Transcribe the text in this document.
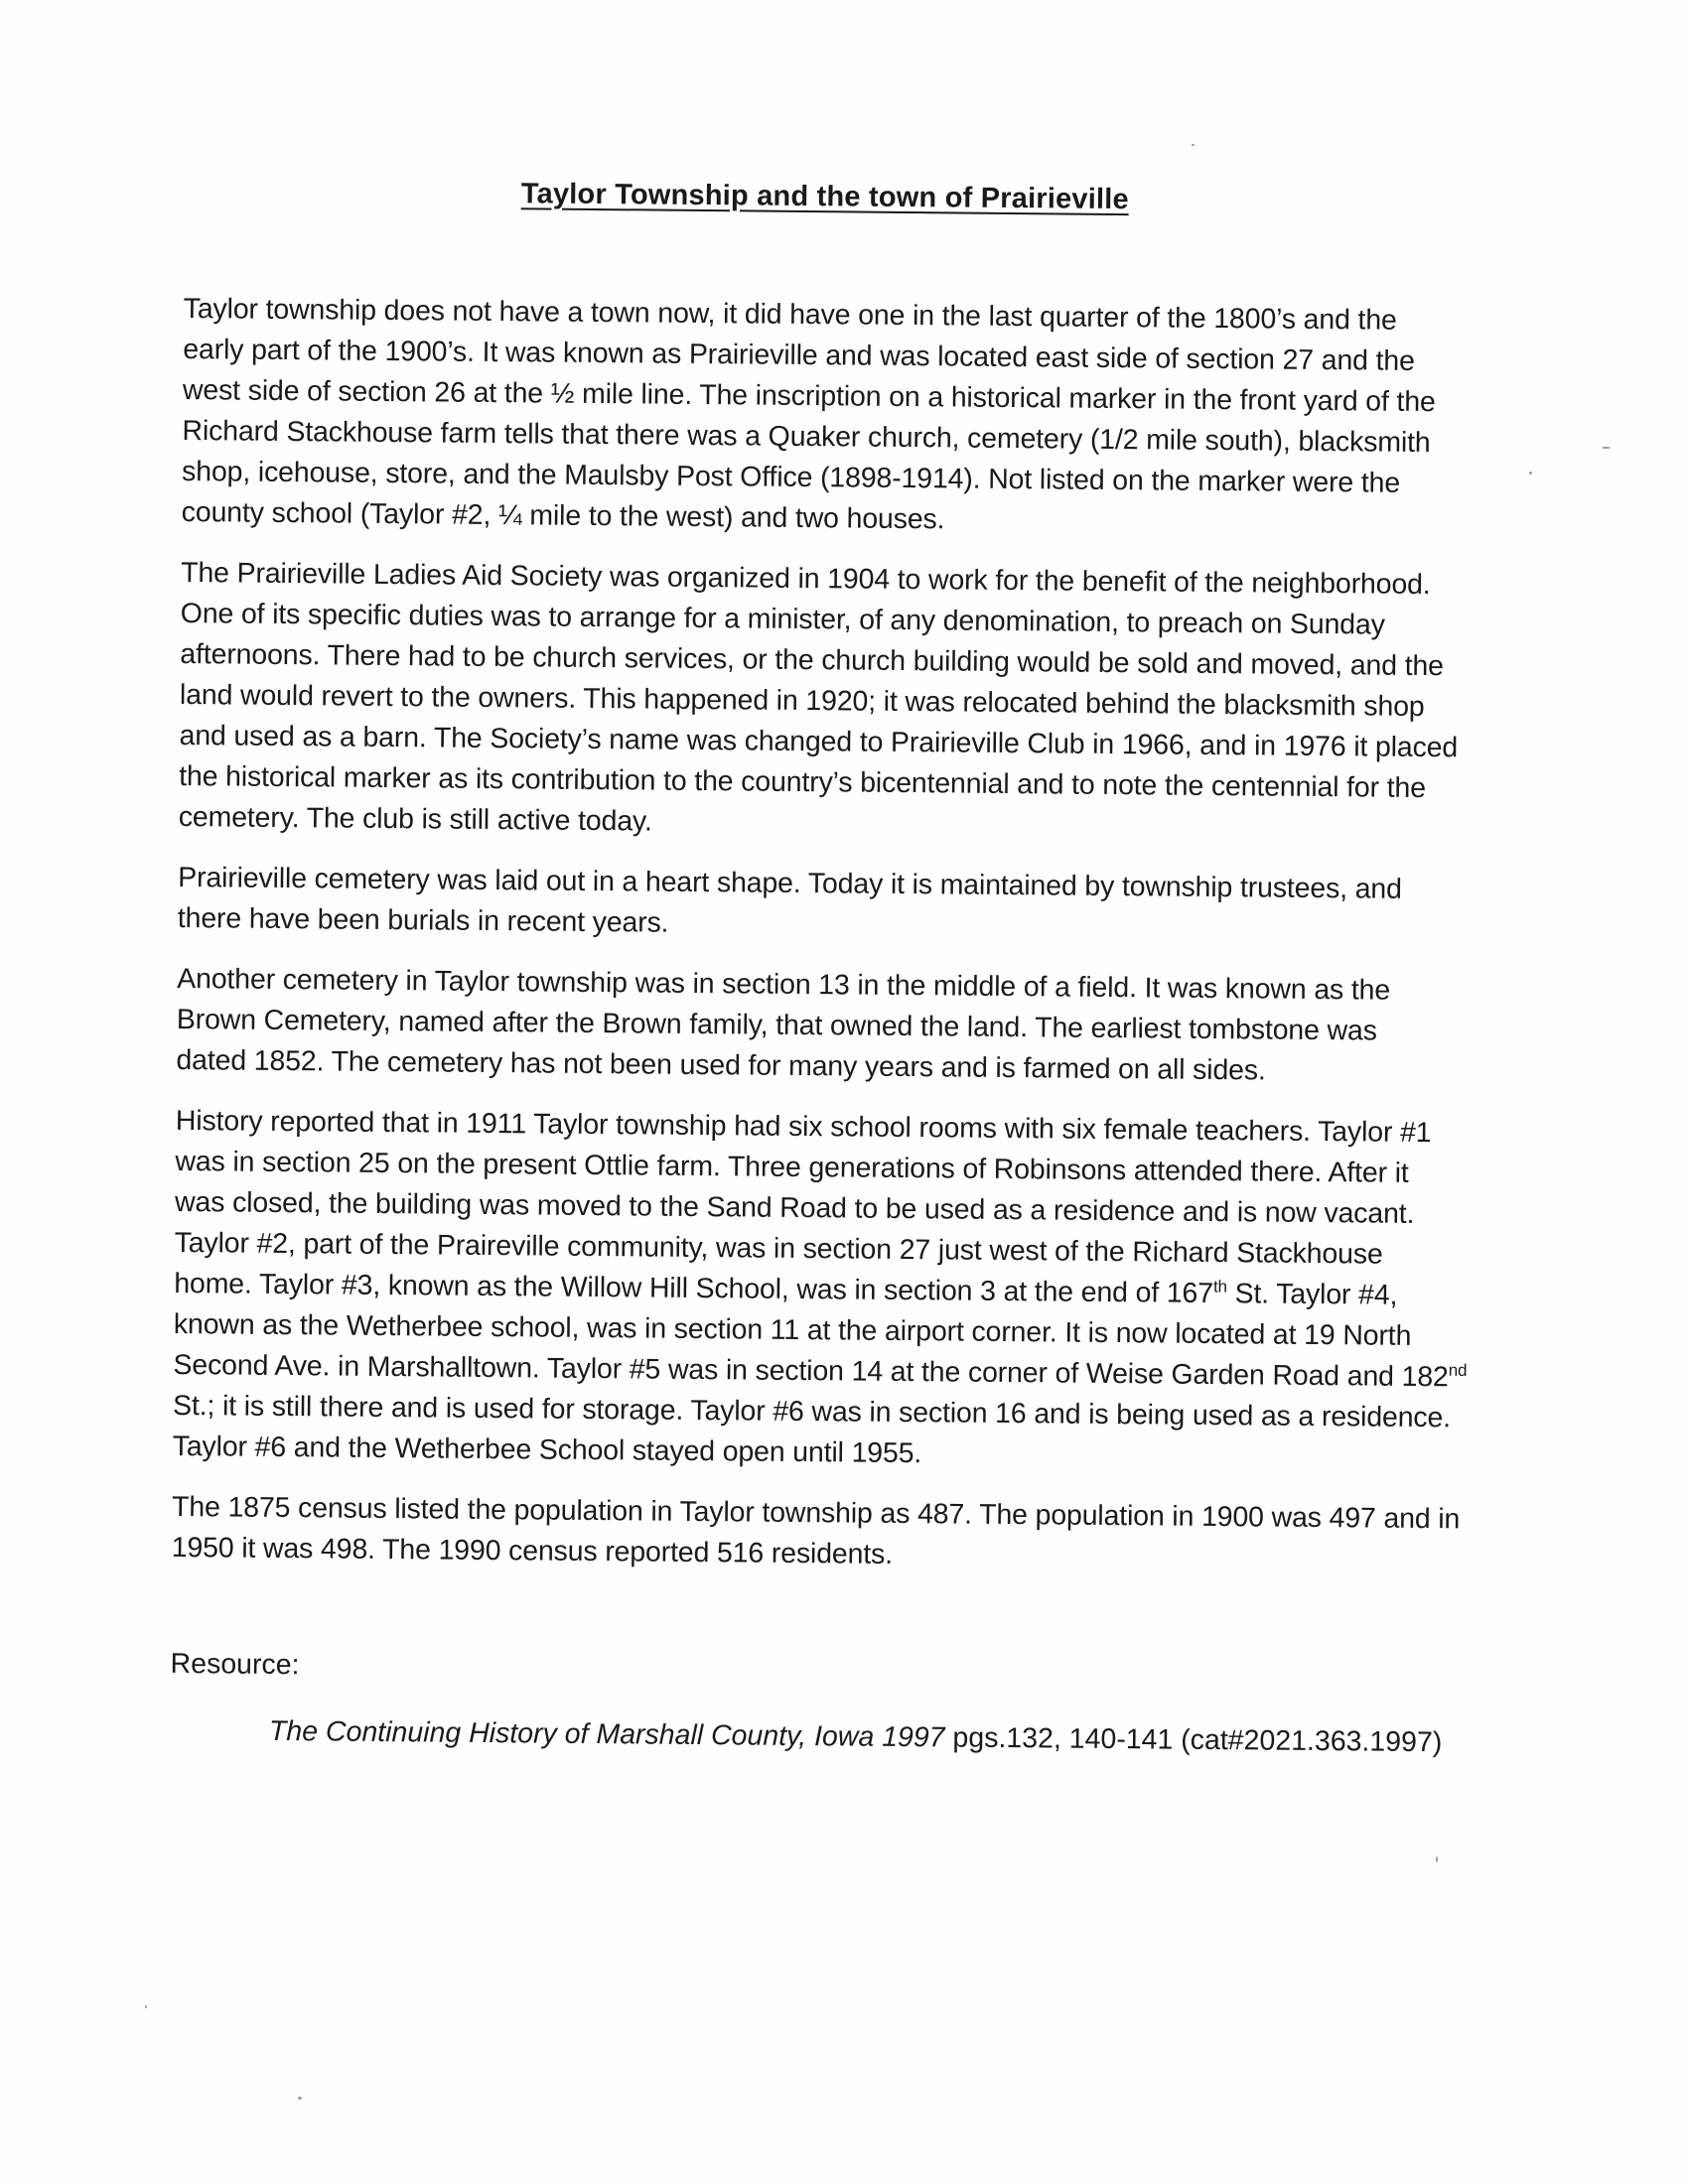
Taylor Township and the town of Prairieville
Taylor township does not have a town now, it did have one in the last quarter of the 1800’s and the
early part of the 1900’s. It was known as Prairieville and was located east side of section 27 and the
west side of section 26 at the ½ mile line. The inscription on a historical marker in the front yard of the
Richard Stackhouse farm tells that there was a Quaker church, cemetery (1/2 mile south), blacksmith
shop, icehouse, store, and the Maulsby Post Office (1898-1914). Not listed on the marker were the
county school (Taylor #2, ¼ mile to the west) and two houses.
The Prairieville Ladies Aid Society was organized in 1904 to work for the benefit of the neighborhood.
One of its specific duties was to arrange for a minister, of any denomination, to preach on Sunday
afternoons. There had to be church services, or the church building would be sold and moved, and the
land would revert to the owners. This happened in 1920; it was relocated behind the blacksmith shop
and used as a barn. The Society’s name was changed to Prairieville Club in 1966, and in 1976 it placed
the historical marker as its contribution to the country’s bicentennial and to note the centennial for the
cemetery. The club is still active today.
Prairieville cemetery was laid out in a heart shape. Today it is maintained by township trustees, and
there have been burials in recent years.
Another cemetery in Taylor township was in section 13 in the middle of a field. It was known as the
Brown Cemetery, named after the Brown family, that owned the land. The earliest tombstone was
dated 1852. The cemetery has not been used for many years and is farmed on all sides.
History reported that in 1911 Taylor township had six school rooms with six female teachers. Taylor #1
was in section 25 on the present Ottlie farm. Three generations of Robinsons attended there. After it
was closed, the building was moved to the Sand Road to be used as a residence and is now vacant.
Taylor #2, part of the Praireville community, was in section 27 just west of the Richard Stackhouse
home. Taylor #3, known as the Willow Hill School, was in section 3 at the end of 167th St. Taylor #4,
known as the Wetherbee school, was in section 11 at the airport corner. It is now located at 19 North
Second Ave. in Marshalltown. Taylor #5 was in section 14 at the corner of Weise Garden Road and 182nd
St.; it is still there and is used for storage. Taylor #6 was in section 16 and is being used as a residence.
Taylor #6 and the Wetherbee School stayed open until 1955.
The 1875 census listed the population in Taylor township as 487. The population in 1900 was 497 and in
1950 it was 498. The 1990 census reported 516 residents.
Resource:
The Continuing History of Marshall County, Iowa 1997 pgs.132, 140-141 (cat#2021.363.1997)
